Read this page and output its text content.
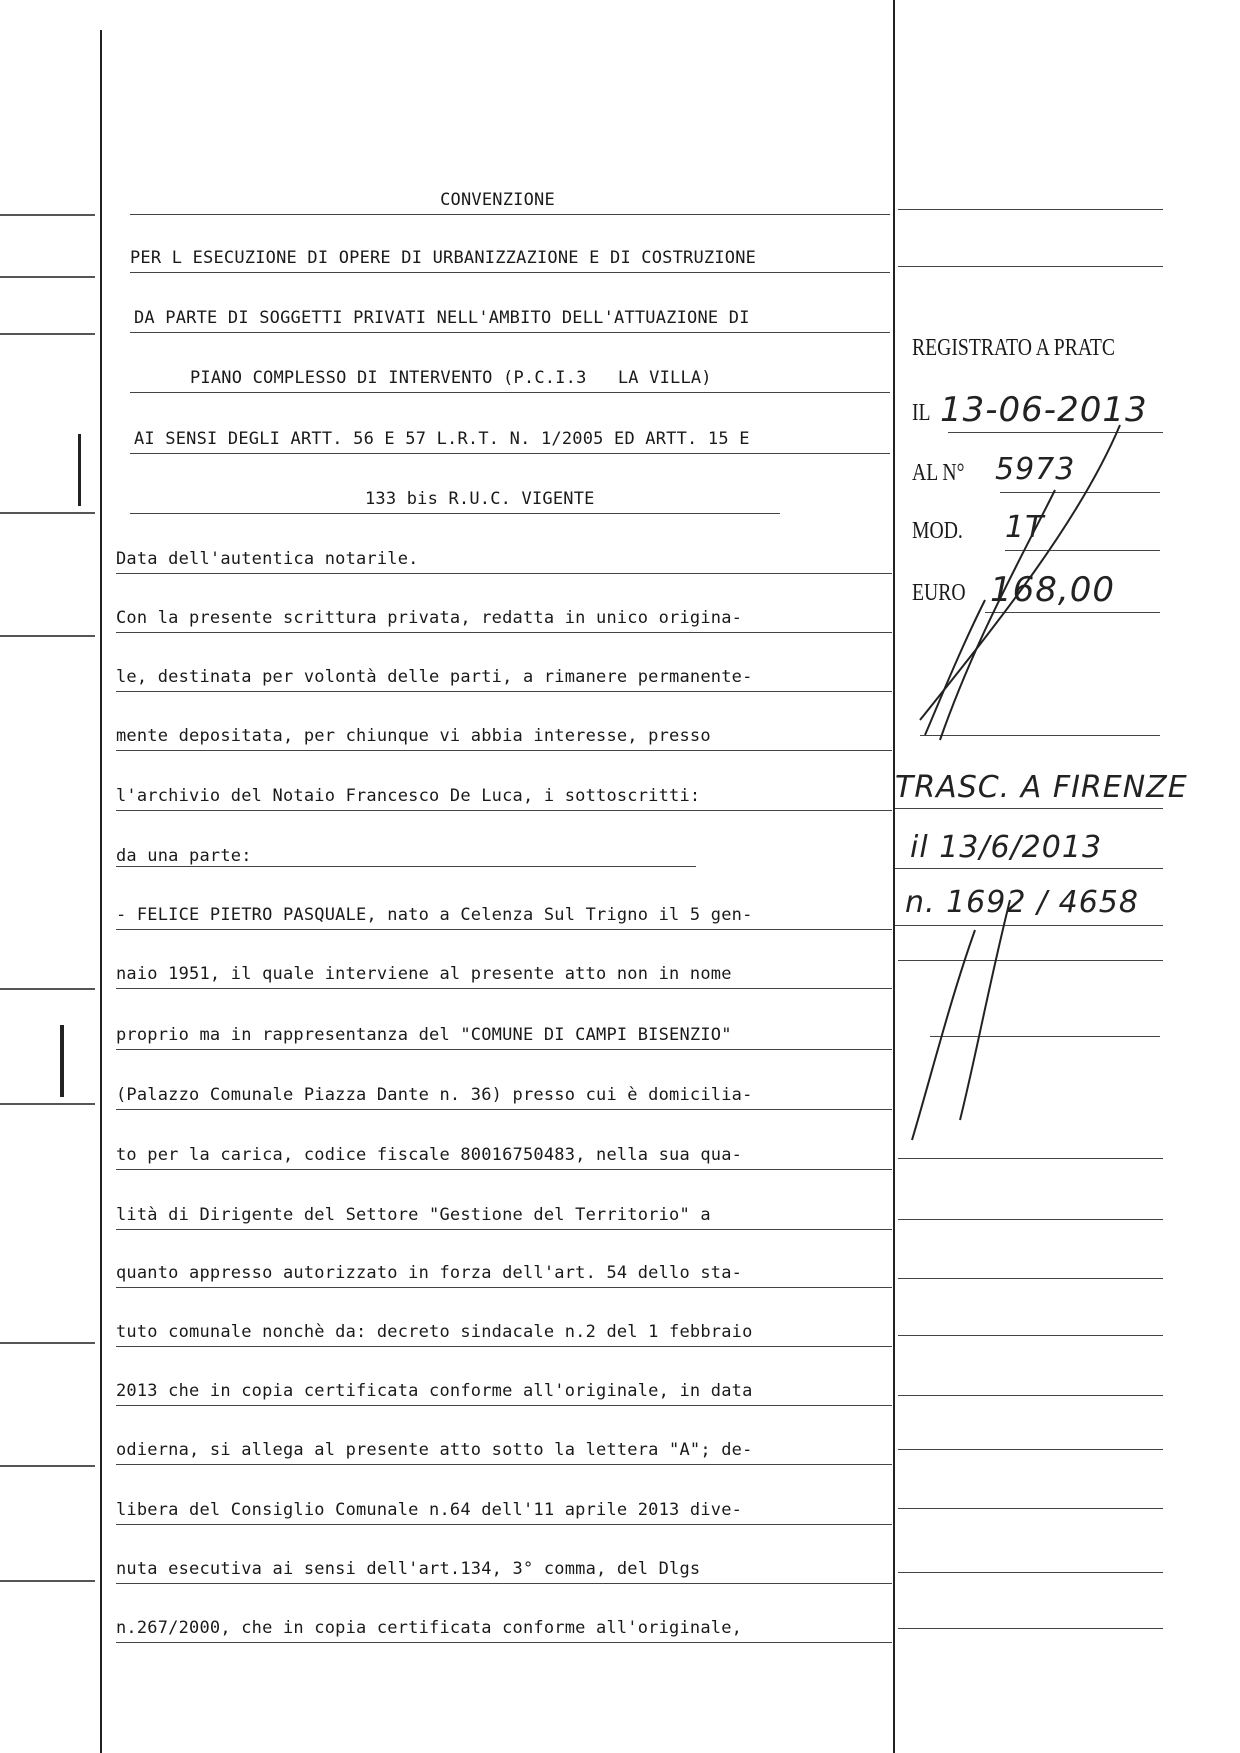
CONVENZIONE
PER L ESECUZIONE DI OPERE DI URBANIZZAZIONE E DI COSTRUZIONE
DA PARTE DI SOGGETTI PRIVATI NELL'AMBITO DELL'ATTUAZIONE DI
PIANO COMPLESSO DI INTERVENTO (P.C.I.3   LA VILLA)
AI SENSI DEGLI ARTT. 56 E 57 L.R.T. N. 1/2005 ED ARTT. 15 E
133 bis R.U.C. VIGENTE
Data dell'autentica notarile.
Con la presente scrittura privata, redatta in unico origina-
le, destinata per volontà delle parti, a rimanere permanente-
mente depositata, per chiunque vi abbia interesse, presso
l'archivio del Notaio Francesco De Luca, i sottoscritti:
da una parte:
- FELICE PIETRO PASQUALE, nato a Celenza Sul Trigno il 5 gen-
naio 1951, il quale interviene al presente atto non in nome
proprio ma in rappresentanza del "COMUNE DI CAMPI BISENZIO"
(Palazzo Comunale Piazza Dante n. 36) presso cui è domicilia-
to per la carica, codice fiscale 80016750483, nella sua qua-
lità di Dirigente del Settore "Gestione del Territorio" a
quanto appresso autorizzato in forza dell'art. 54 dello sta-
tuto comunale nonchè da: decreto sindacale n.2 del 1 febbraio
2013 che in copia certificata conforme all'originale, in data
odierna, si allega al presente atto sotto la lettera "A"; de-
libera del Consiglio Comunale n.64 dell'11 aprile 2013 dive-
nuta esecutiva ai sensi dell'art.134, 3° comma, del Dlgs
n.267/2000, che in copia certificata conforme all'originale,
REGISTRATO A PRATC
IL 13-06-2013
AL N° 5973
MOD. 1T
EURO 168,00
TRASC. A FIRENZE
il 13/6/2013
n. 1692 / 4658
